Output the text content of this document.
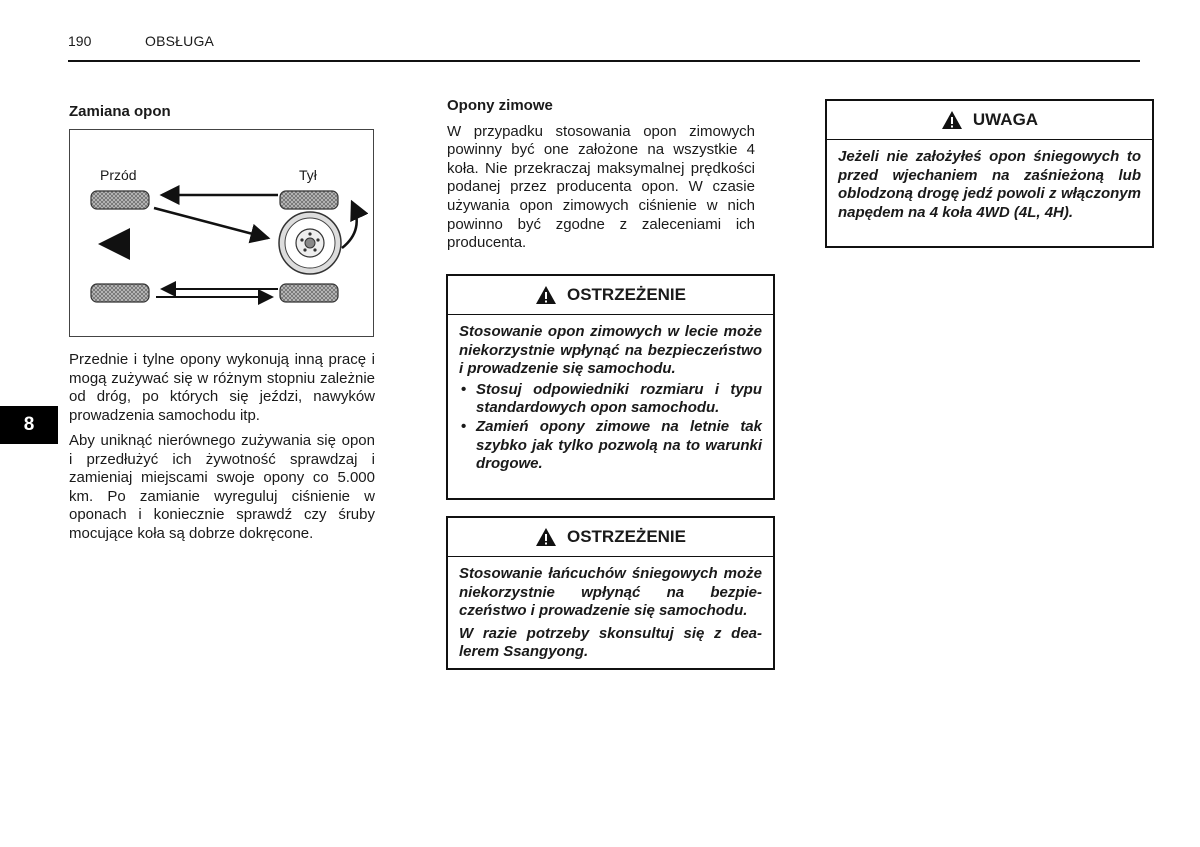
190	OBSŁUGA
8
Zamiana opon
Przód	Tył

Przednie i tylne opony wykonują inną pracę i mogą zużywać się w różnym stopniu zależnie od dróg, po których się jeździ, nawyków prowadzenia samochodu itp.

Aby uniknąć nierównego zużywania się opon i przedłużyć ich żywotność sprawdzaj i zamieniaj miejscami swoje opony co 5.000 km. Po zamianie wyreguluj ciśnienie w oponach i koniecznie sprawdź czy śruby mocujące koła są dobrze dokręcone.

Opony zimowe

W przypadku stosowania opon zimowych powinny być one założone na wszystkie 4 koła. Nie przekraczaj maksymalnej prędkości podanej przez producenta opon. W czasie używania opon zimowych ciśnienie w nich powinno być zgodne z zaleceniami ich producenta.

OSTRZEŻENIE

Stosowanie opon zimowych w lecie może niekorzystnie wpłynąć na bezpieczeństwo i prowadzenie się samochodu.

• Stosuj odpowiedniki rozmiaru i typu standardowych opon samochodu.
• Zamień opony zimowe na letnie tak szybko jak tylko pozwolą na to warunki drogowe.
OSTRZEŻENIE

Stosowanie łańcuchów śniegowych może niekorzystnie wpłynąć na bezpie-czeństwo i prowadzenie się samochodu.

W razie potrzeby skonsultuj się z dea-lerem Ssangyong.

UWAGA

Jeżeli nie założyłeś opon śniegowych to przed wjechaniem na zaśnieżoną lub oblodzoną drogę jedź powoli z włączonym napędem na 4 koła 4WD (4L, 4H).
